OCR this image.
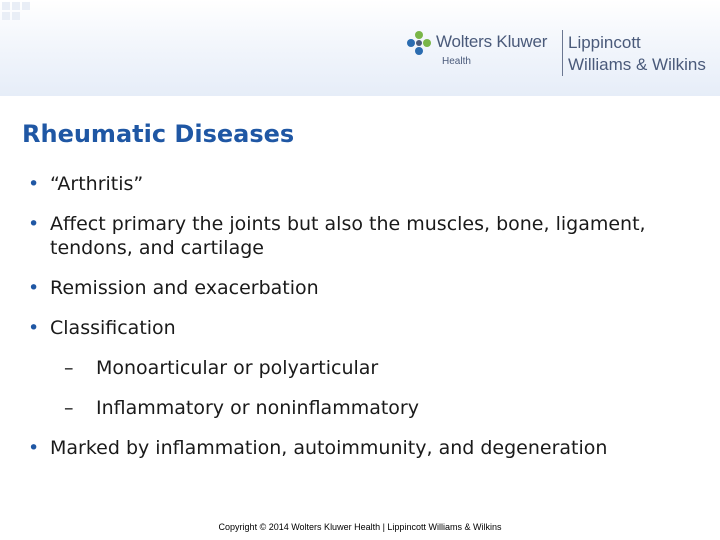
Wolters Kluwer
Health
Lippincott
Williams & Wilkins
Rheumatic Diseases
• “Arthritis”
• Affect primary the joints but also the muscles, bone, ligament, tendons, and cartilage
• Remission and exacerbation
• Classification
– Monoarticular or polyarticular
– Inflammatory or noninflammatory
• Marked by inflammation, autoimmunity, and degeneration
Copyright © 2014 Wolters Kluwer Health | Lippincott Williams & Wilkins
